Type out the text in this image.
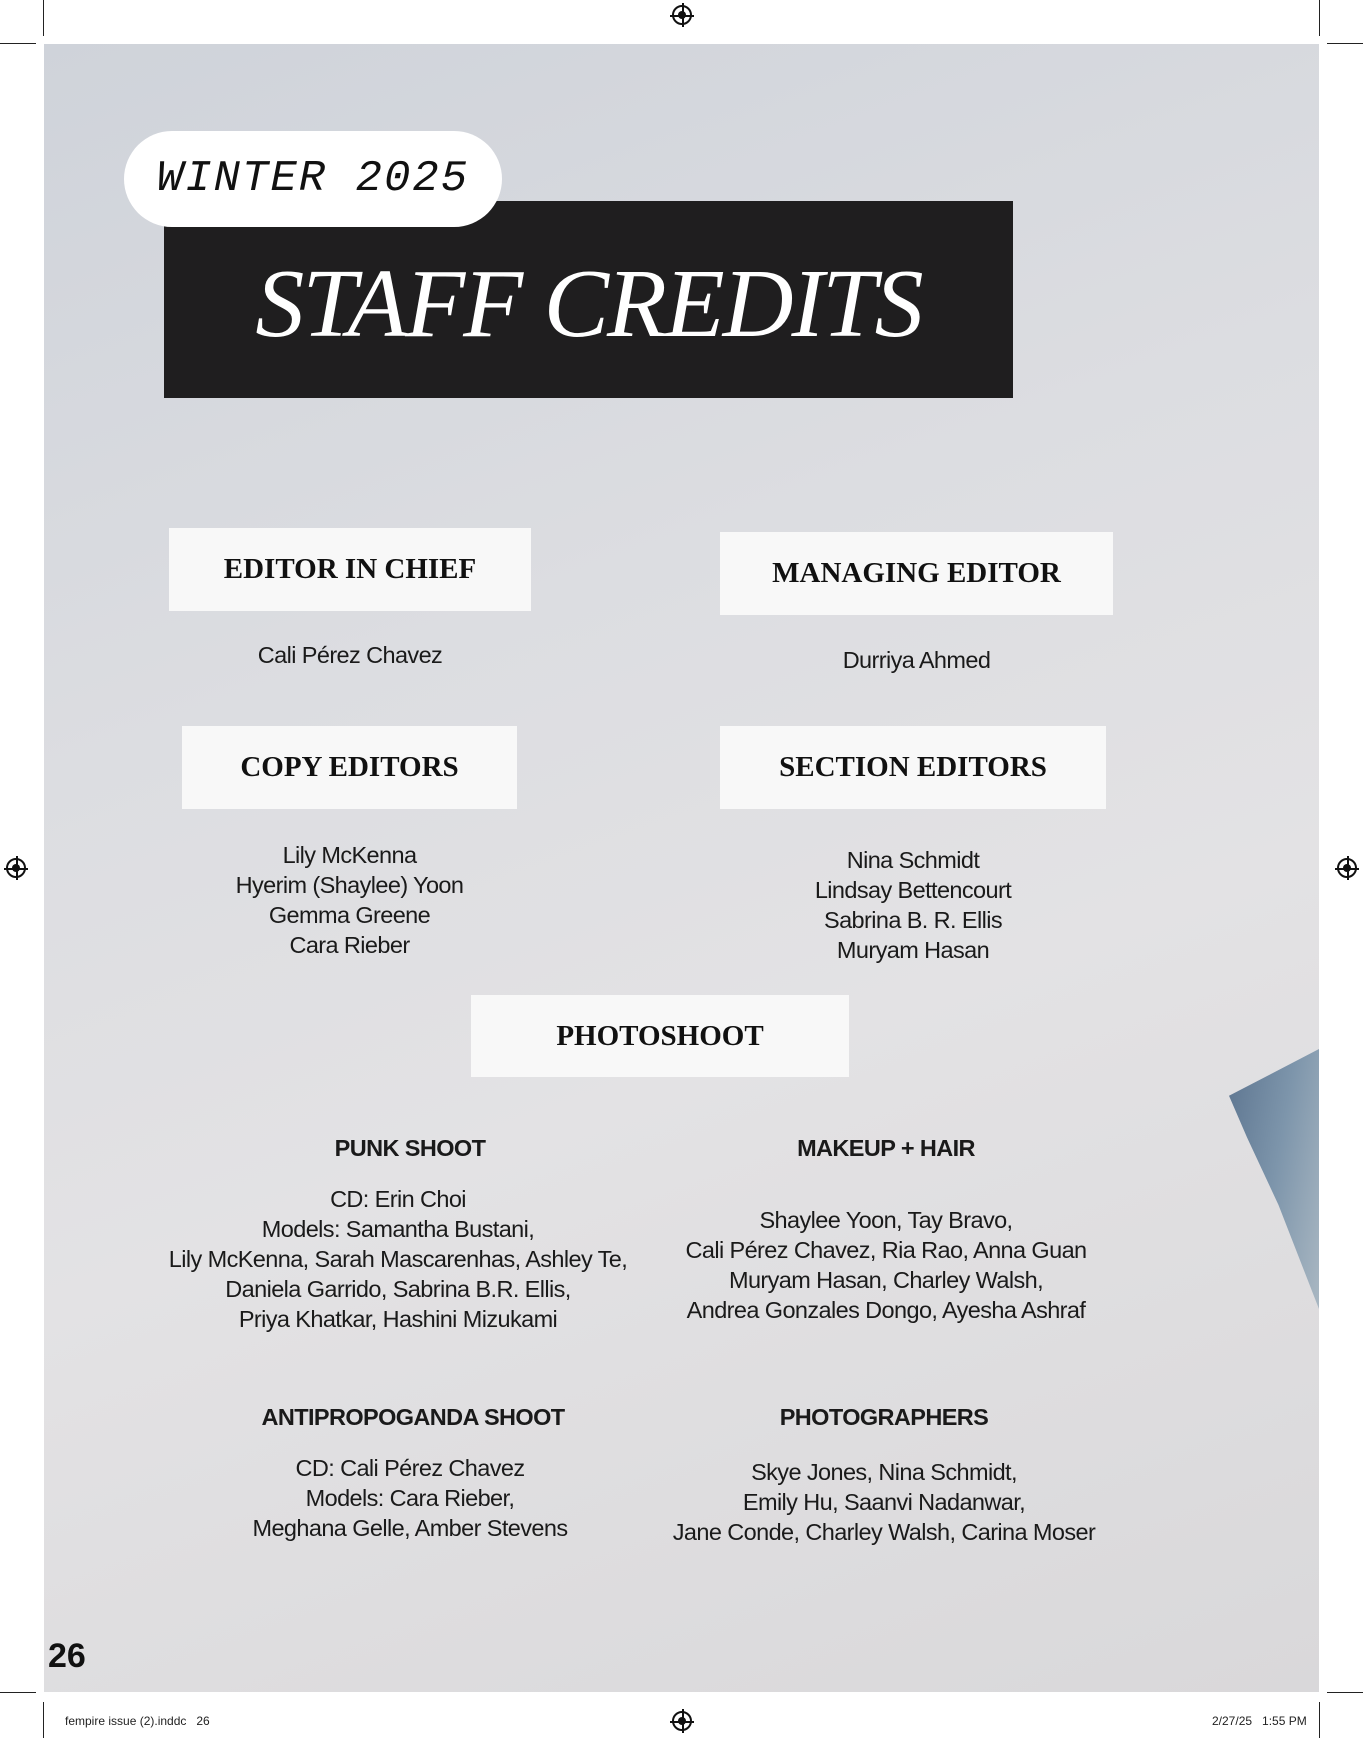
STAFF CREDITS
WINTER 2025
EDITOR IN CHIEF
Cali Pérez Chavez
MANAGING EDITOR
Durriya Ahmed
COPY EDITORS
Lily McKenna
Hyerim (Shaylee) Yoon
Gemma Greene
Cara Rieber
SECTION EDITORS
Nina Schmidt
Lindsay Bettencourt
Sabrina B. R. Ellis
Muryam Hasan
PHOTOSHOOT
PUNK SHOOT
CD: Erin Choi
Models: Samantha Bustani,
Lily McKenna, Sarah Mascarenhas, Ashley Te,
Daniela Garrido, Sabrina B.R. Ellis,
Priya Khatkar, Hashini Mizukami
MAKEUP + HAIR
Shaylee Yoon, Tay Bravo,
Cali Pérez Chavez, Ria Rao, Anna Guan
Muryam Hasan, Charley Walsh,
Andrea Gonzales Dongo, Ayesha Ashraf
ANTIPROPOGANDA SHOOT
CD: Cali Pérez Chavez
Models: Cara Rieber,
Meghana Gelle, Amber Stevens
PHOTOGRAPHERS
Skye Jones, Nina Schmidt,
Emily Hu, Saanvi Nadanwar,
Jane Conde, Charley Walsh, Carina Moser
26
fempire issue (2).inddc   26	2/27/25   1:55 PM
